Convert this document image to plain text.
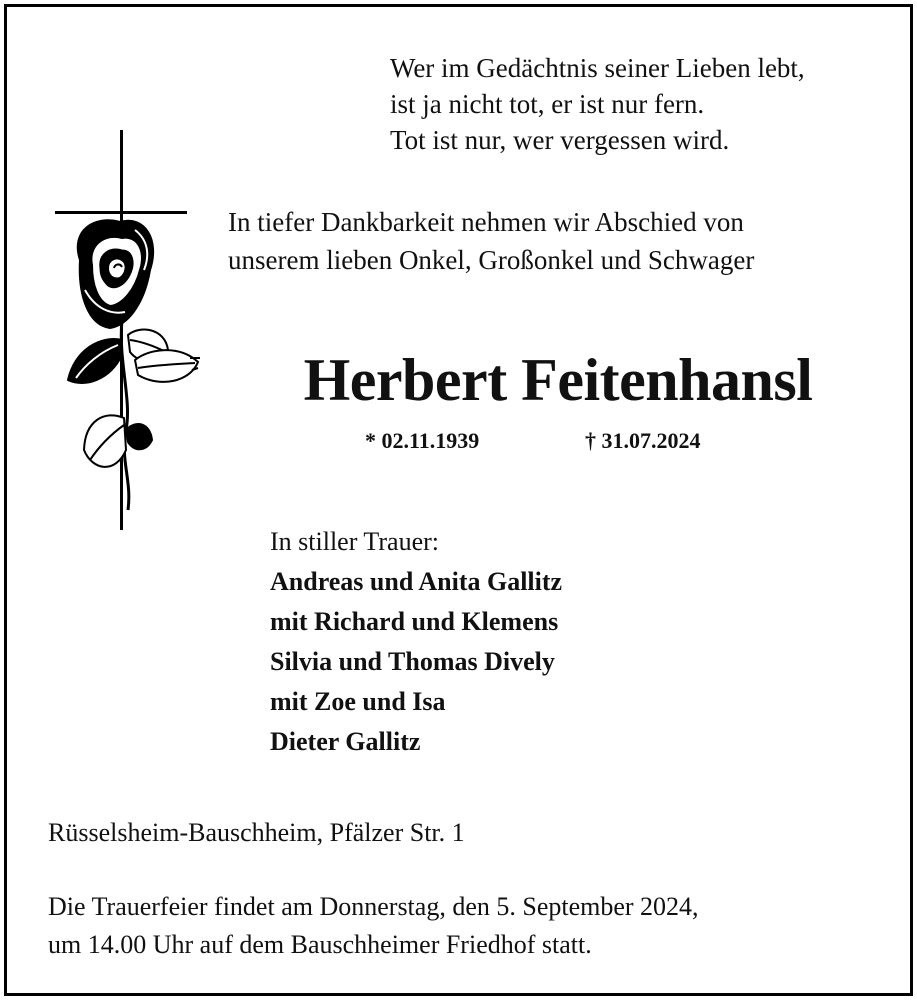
Wer im Gedächtnis seiner Lieben lebt,
ist ja nicht tot, er ist nur fern.
Tot ist nur, wer vergessen wird.
In tiefer Dankbarkeit nehmen wir Abschied von
unserem lieben Onkel, Großonkel und Schwager
Herbert Feitenhansl
* 02.11.1939	† 31.07.2024
In stiller Trauer:
Andreas und Anita Gallitz
mit Richard und Klemens
Silvia und Thomas Dively
mit Zoe und Isa
Dieter Gallitz
Rüsselsheim-Bauschheim, Pfälzer Str. 1
Die Trauerfeier findet am Donnerstag, den 5. September 2024,
um 14.00 Uhr auf dem Bauschheimer Friedhof statt.
